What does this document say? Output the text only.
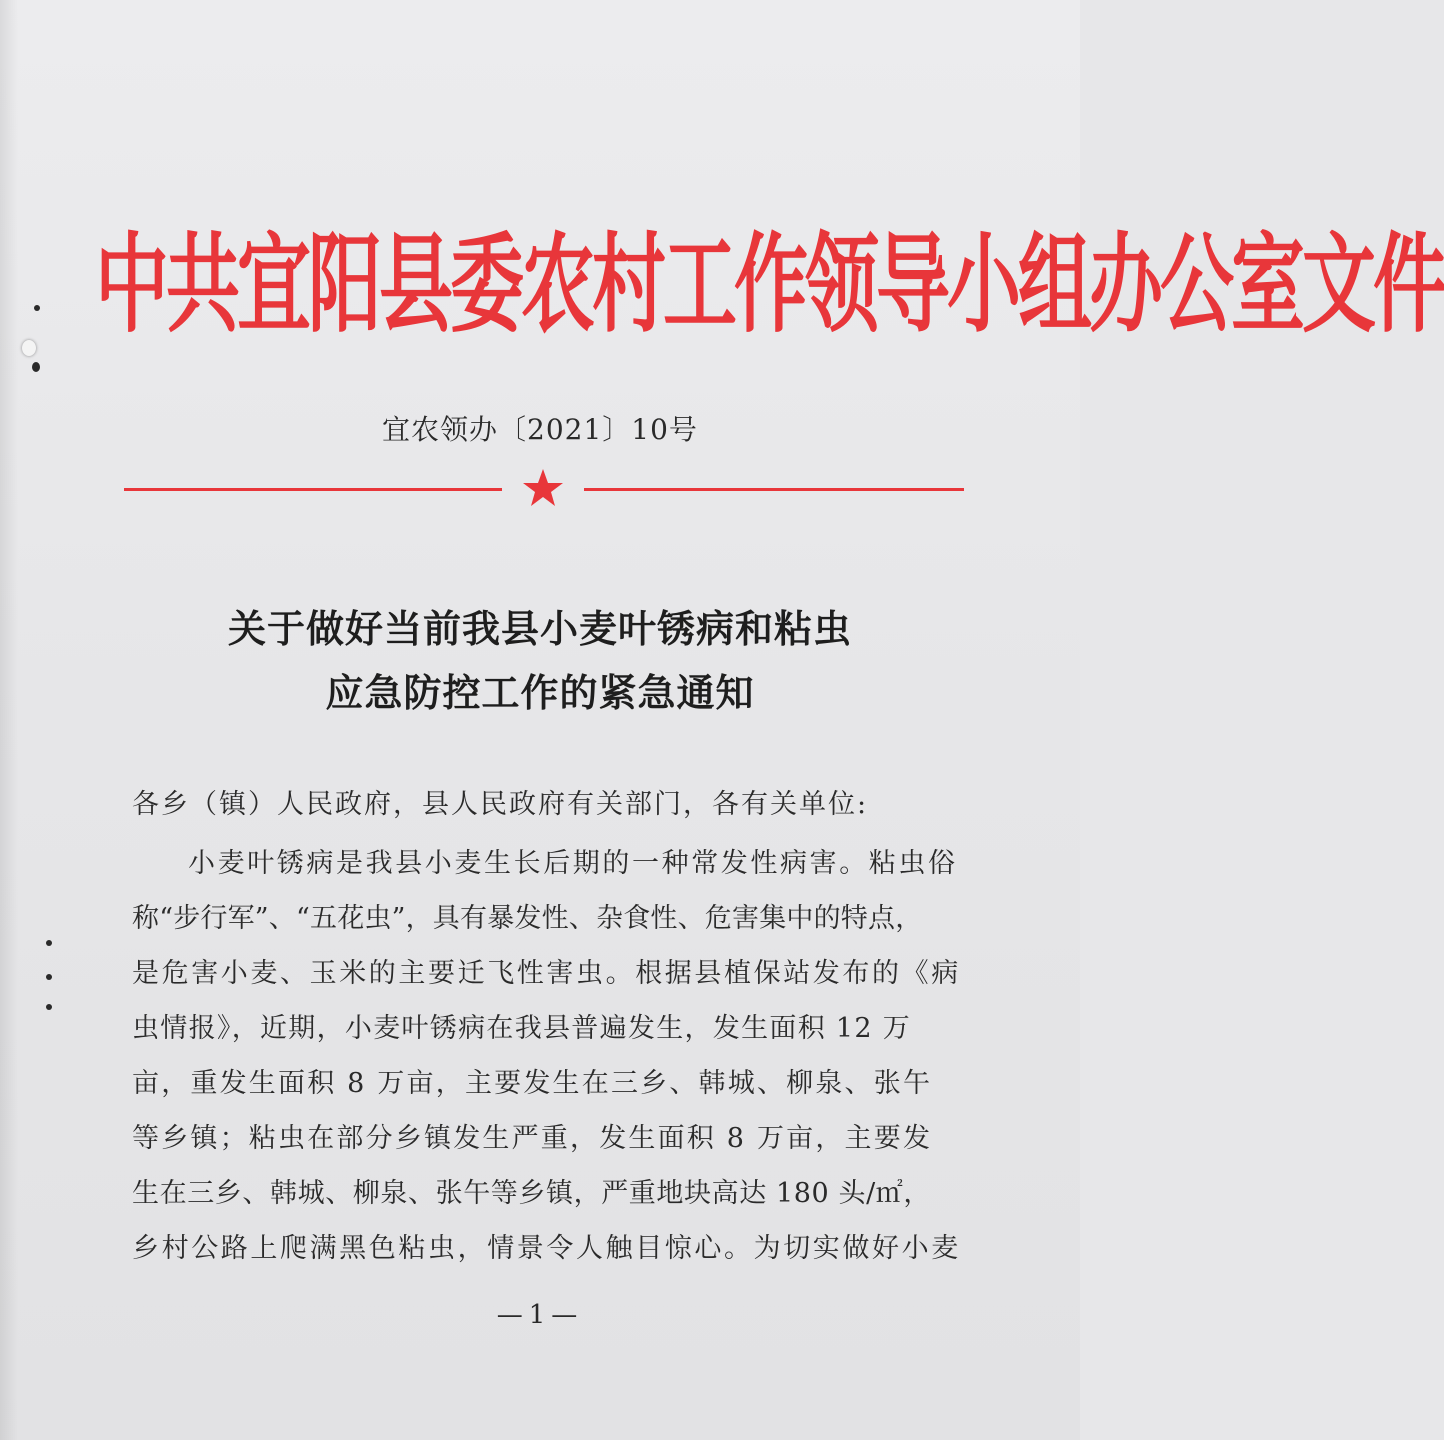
中共宜阳县委农村工作领导小组办公室文件
宜农领办〔2021〕10号
关于做好当前我县小麦叶锈病和粘虫
应急防控工作的紧急通知
各乡（镇）人民政府，县人民政府有关部门，各有关单位:
小麦叶锈病是我县小麦生长后期的一种常发性病害。粘虫俗
称“步行军”、“五花虫”，具有暴发性、杂食性、危害集中的特点，
是危害小麦、玉米的主要迁飞性害虫。根据县植保站发布的《病
虫情报》，近期，小麦叶锈病在我县普遍发生，发生面积 12 万
亩，重发生面积 8 万亩，主要发生在三乡、韩城、柳泉、张午
等乡镇；粘虫在部分乡镇发生严重，发生面积 8 万亩，主要发
生在三乡、韩城、柳泉、张午等乡镇，严重地块高达 180 头/㎡，
乡村公路上爬满黑色粘虫，情景令人触目惊心。为切实做好小麦
—1—
